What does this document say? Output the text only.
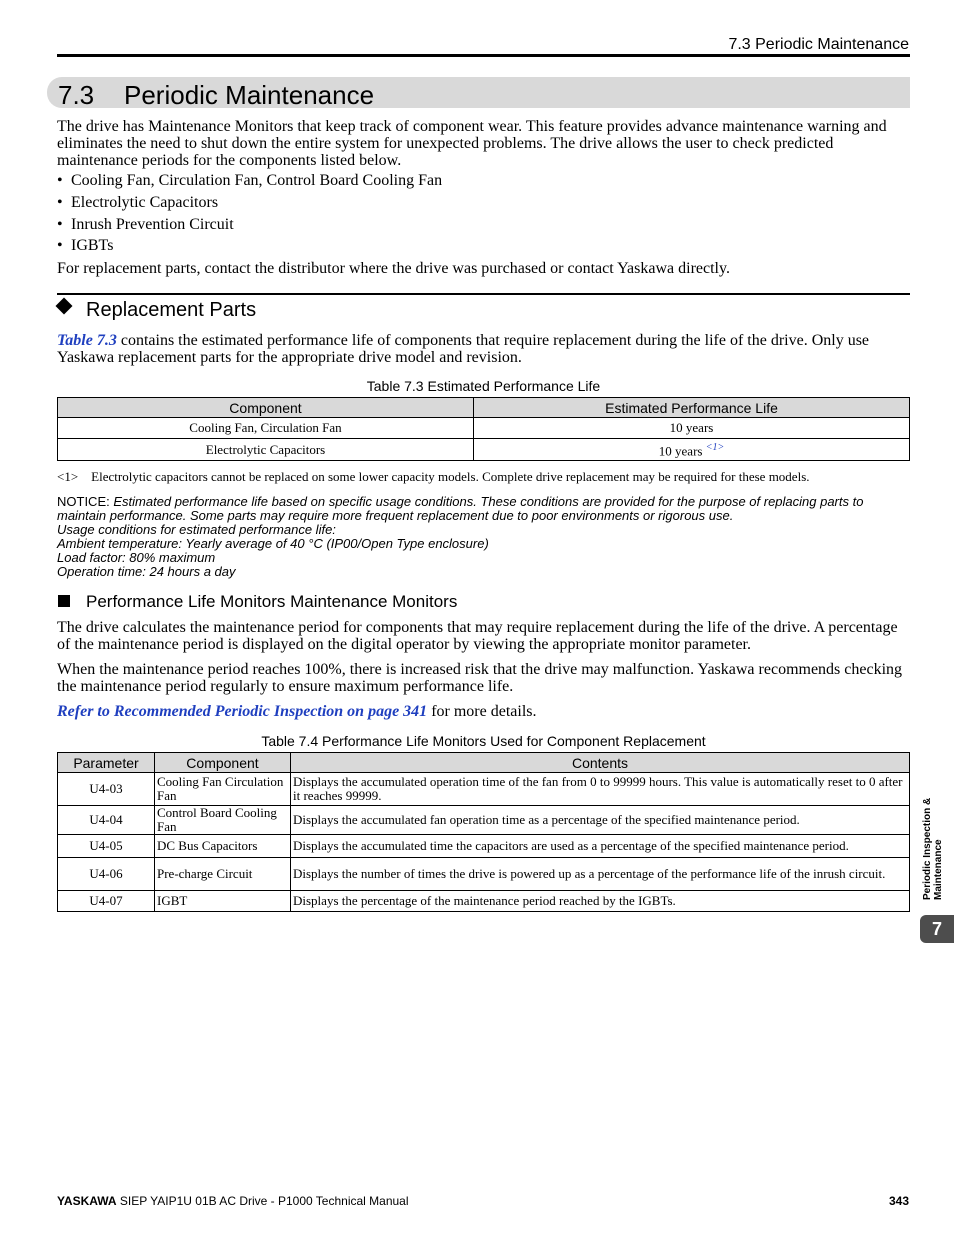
7.3 Periodic Maintenance
7.3 Periodic Maintenance
The drive has Maintenance Monitors that keep track of component wear. This feature provides advance maintenance warning and eliminates the need to shut down the entire system for unexpected problems. The drive allows the user to check predicted maintenance periods for the components listed below.
• Cooling Fan, Circulation Fan, Control Board Cooling Fan
• Electrolytic Capacitors
• Inrush Prevention Circuit
• IGBTs
For replacement parts, contact the distributor where the drive was purchased or contact Yaskawa directly.
Replacement Parts
Table 7.3 contains the estimated performance life of components that require replacement during the life of the drive. Only use Yaskawa replacement parts for the appropriate drive model and revision.
Table 7.3 Estimated Performance Life
Component	Estimated Performance Life
Cooling Fan, Circulation Fan	10 years
Electrolytic Capacitors	10 years $^{<1>}$
<1> Electrolytic capacitors cannot be replaced on some lower capacity models. Complete drive replacement may be required for these models.
NOTICE: Estimated performance life based on specific usage conditions. These conditions are provided for the purpose of replacing parts to maintain performance. Some parts may require more frequent replacement due to poor environments or rigorous use.
Usage conditions for estimated performance life:
Ambient temperature: Yearly average of 40 °C (IP00/Open Type enclosure)
Load factor: 80% maximum
Operation time: 24 hours a day
Performance Life Monitors Maintenance Monitors
The drive calculates the maintenance period for components that may require replacement during the life of the drive. A percentage of the maintenance period is displayed on the digital operator by viewing the appropriate monitor parameter.
When the maintenance period reaches 100%, there is increased risk that the drive may malfunction. Yaskawa recommends checking the maintenance period regularly to ensure maximum performance life.
Refer to Recommended Periodic Inspection on page 341 for more details.
Table 7.4 Performance Life Monitors Used for Component Replacement
Parameter	Component	Contents
U4-03	Cooling Fan Circulation Fan	Displays the accumulated operation time of the fan from 0 to 99999 hours. This value is automatically reset to 0 after it reaches 99999.
U4-04	Control Board Cooling Fan	Displays the accumulated fan operation time as a percentage of the specified maintenance period.
U4-05	DC Bus Capacitors	Displays the accumulated time the capacitors are used as a percentage of the specified maintenance period.
U4-06	Pre-charge Circuit	Displays the number of times the drive is powered up as a percentage of the performance life of the inrush circuit.
U4-07	IGBT	Displays the percentage of the maintenance period reached by the IGBTs.
Periodic Inspection & Maintenance
7
YASKAWA SIEP YAIP1U 01B AC Drive - P1000 Technical Manual	343
